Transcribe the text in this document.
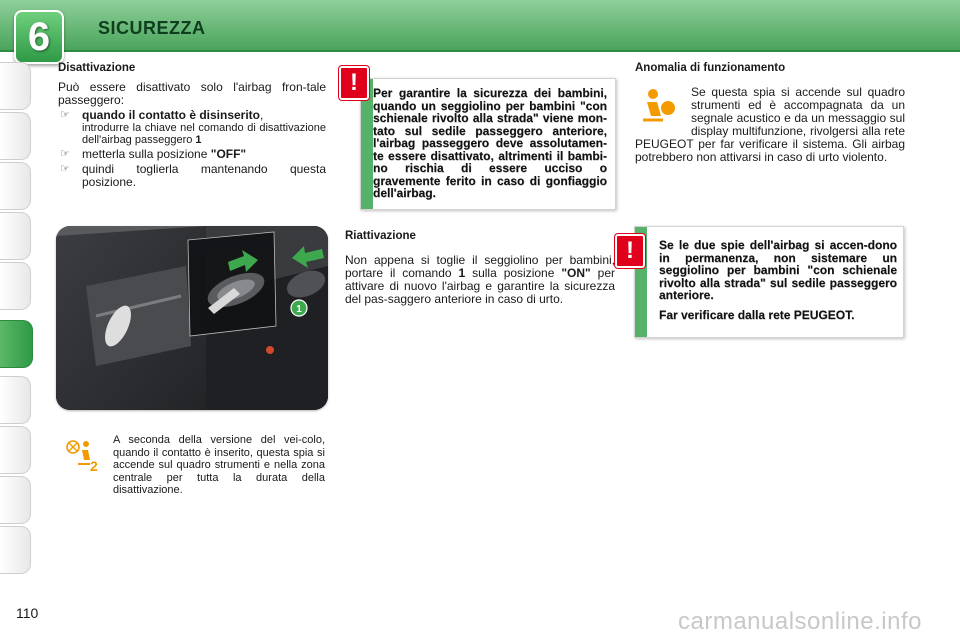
6	SICUREZZA
Disattivazione
Può essere disattivato solo l'airbag fron-tale passeggero:
☞ quando il contatto è disinserito,
introdurre la chiave nel comando di disattivazione dell'airbag passeggero 1
☞ metterla sulla posizione "OFF"
☞ quindi toglierla mantenando questa posizione.
1
2
A seconda della versione del vei-colo, quando il contatto è inserito, questa spia si accende sul quadro strumenti e nella zona centrale per tutta la durata della disattivazione.
Per garantire la sicurezza dei bambini, quando un seggiolino per bambini "con schienale rivolto alla strada" viene mon-tato sul sedile passeggero anteriore, l'airbag passeggero deve assolutamen-te essere disattivato, altrimenti il bambi-no rischia di essere ucciso o gravemente ferito in caso di gonfiaggio dell'airbag.
!
Riattivazione
Non appena si toglie il seggiolino per bambini, portare il comando 1 sulla posizione "ON" per attivare di nuovo l'airbag e garantire la sicurezza del pas-saggero anteriore in caso di urto.
Anomalia di funzionamento
Se questa spia si accende sul quadro strumenti ed è accompagnata da un segnale acustico e da un messaggio sul display multifunzione, rivolgersi alla rete PEUGEOT per far verificare il sistema. Gli airbag potrebbero non attivarsi in caso di urto violento.
Se le due spie dell'airbag si accen-dono in permanenza, non sistemare un seggiolino per bambini "con schienale rivolto alla strada" sul sedile passeggero anteriore.
Far verificare dalla rete PEUGEOT.
!
110	carmanualsonline.info
